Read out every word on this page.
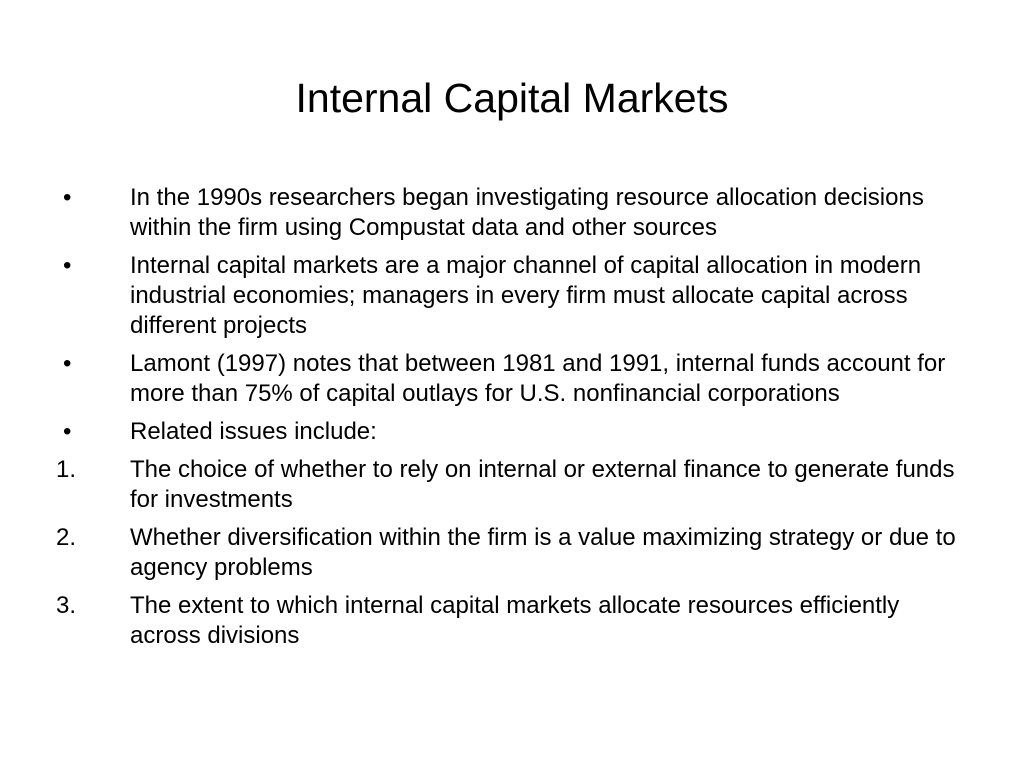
Internal Capital Markets
•	In the 1990s researchers began investigating resource allocation decisions within the firm using Compustat data and other sources
•	Internal capital markets are a major channel of capital allocation in modern industrial economies; managers in every firm must allocate capital across different projects
•	Lamont (1997) notes that between 1981 and 1991, internal funds account for more than 75% of capital outlays for U.S. nonfinancial corporations
•	Related issues include:
1.	The choice of whether to rely on internal or external finance to generate funds for investments
2.	Whether diversification within the firm is a value maximizing strategy or due to agency problems
3.	The extent to which internal capital markets allocate resources efficiently across divisions
